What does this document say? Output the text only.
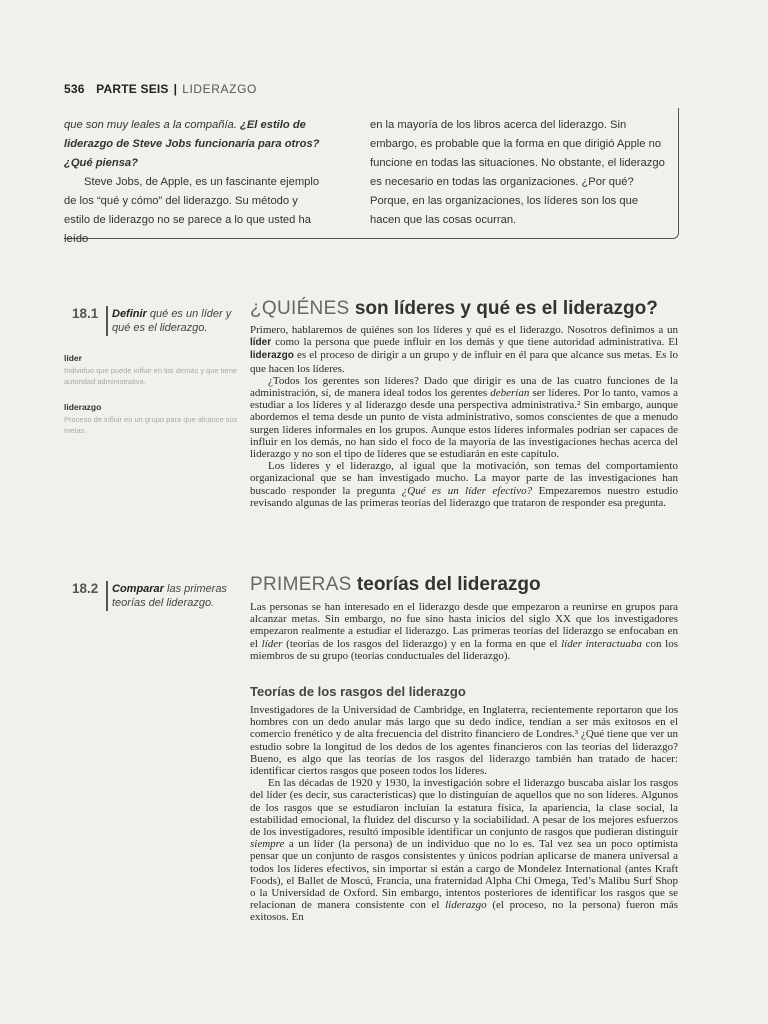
536 PARTE SEIS | LIDERAZGO

que son muy leales a la compañía. ¿El estilo de

liderazgo de Steve Jobs funcionaría para otros?

¿Qué piensa?

Steve Jobs, de Apple, es un fascinante ejemplo de los “qué y cómo” del liderazgo. Su método y estilo de liderazgo no se parece a lo que usted ha leído

en la mayoría de los libros acerca del liderazgo. Sin embargo, es probable que la forma en que dirigió Apple no funcione en todas las situaciones. No obstante, el liderazgo es necesario en todas las organizaciones. ¿Por qué? Porque, en las organizaciones, los líderes son los que hacen que las cosas ocurran.

18.1 Definir qué es un líder y
qué es el liderazgo.
líder
Individuo que puede influir en los demás y que tiene autoridad administrativa.
liderazgo
Proceso de influir en un grupo para que alcance sus metas.
¿QUIÉNES son líderes y qué es el liderazgo?

Primero, hablaremos de quiénes son los líderes y qué es el liderazgo. Nosotros definimos a un líder como la persona que puede influir en los demás y que tiene autoridad administrativa. El liderazgo es el proceso de dirigir a un grupo y de influir en él para que alcance sus metas. Es lo que hacen los líderes.

¿Todos los gerentes son líderes? Dado que dirigir es una de las cuatro funciones de la administración, sí, de manera ideal todos los gerentes deberían ser líderes. Por lo tanto, vamos a estudiar a los líderes y al liderazgo desde una perspectiva administrativa.² Sin embargo, aunque abordemos el tema desde un punto de vista administrativo, somos conscientes de que a menudo surgen líderes informales en los grupos. Aunque estos líderes informales podrían ser capaces de influir en los demás, no han sido el foco de la mayoría de las investigaciones hechas acerca del liderazgo y no son el tipo de líderes que se estudiarán en este capítulo.

Los líderes y el liderazgo, al igual que la motivación, son temas del comportamiento organizacional que se han investigado mucho. La mayor parte de las investigaciones han buscado responder la pregunta ¿Qué es un líder efectivo? Empezaremos nuestro estudio revisando algunas de las primeras teorías del liderazgo que trataron de responder esa pregunta.

18.2 Comparar las primeras
teorías del liderazgo.
PRIMERAS teorías del liderazgo

Las personas se han interesado en el liderazgo desde que empezaron a reunirse en grupos para alcanzar metas. Sin embargo, no fue sino hasta inicios del siglo XX que los investigadores empezaron realmente a estudiar el liderazgo. Las primeras teorías del liderazgo se enfocaban en el líder (teorías de los rasgos del liderazgo) y en la forma en que el líder interactuaba con los miembros de su grupo (teorías conductuales del liderazgo).

Teorías de los rasgos del liderazgo

Investigadores de la Universidad de Cambridge, en Inglaterra, recientemente reportaron que los hombres con un dedo anular más largo que su dedo índice, tendían a ser más exitosos en el comercio frenético y de alta frecuencia del distrito financiero de Londres.³ ¿Qué tiene que ver un estudio sobre la longitud de los dedos de los agentes financieros con las teorías del liderazgo? Bueno, es algo que las teorías de los rasgos del liderazgo también han tratado de hacer: identificar ciertos rasgos que poseen todos los líderes.

En las décadas de 1920 y 1930, la investigación sobre el liderazgo buscaba aislar los rasgos del líder (es decir, sus características) que lo distinguían de aquellos que no son líderes. Algunos de los rasgos que se estudiaron incluían la estatura física, la apariencia, la clase social, la estabilidad emocional, la fluidez del discurso y la sociabilidad. A pesar de los mejores esfuerzos de los investigadores, resultó imposible identificar un conjunto de rasgos que pudieran distinguir siempre a un líder (la persona) de un individuo que no lo es. Tal vez sea un poco optimista pensar que un conjunto de rasgos consistentes y únicos podrían aplicarse de manera universal a todos los líderes efectivos, sin importar si están a cargo de Mondelez International (antes Kraft Foods), el Ballet de Moscú, Francia, una fraternidad Alpha Chi Omega, Ted’s Malibu Surf Shop o la Universidad de Oxford. Sin embargo, intentos posteriores de identificar los rasgos que se relacionan de manera consistente con el liderazgo (el proceso, no la persona) fueron más exitosos. En
